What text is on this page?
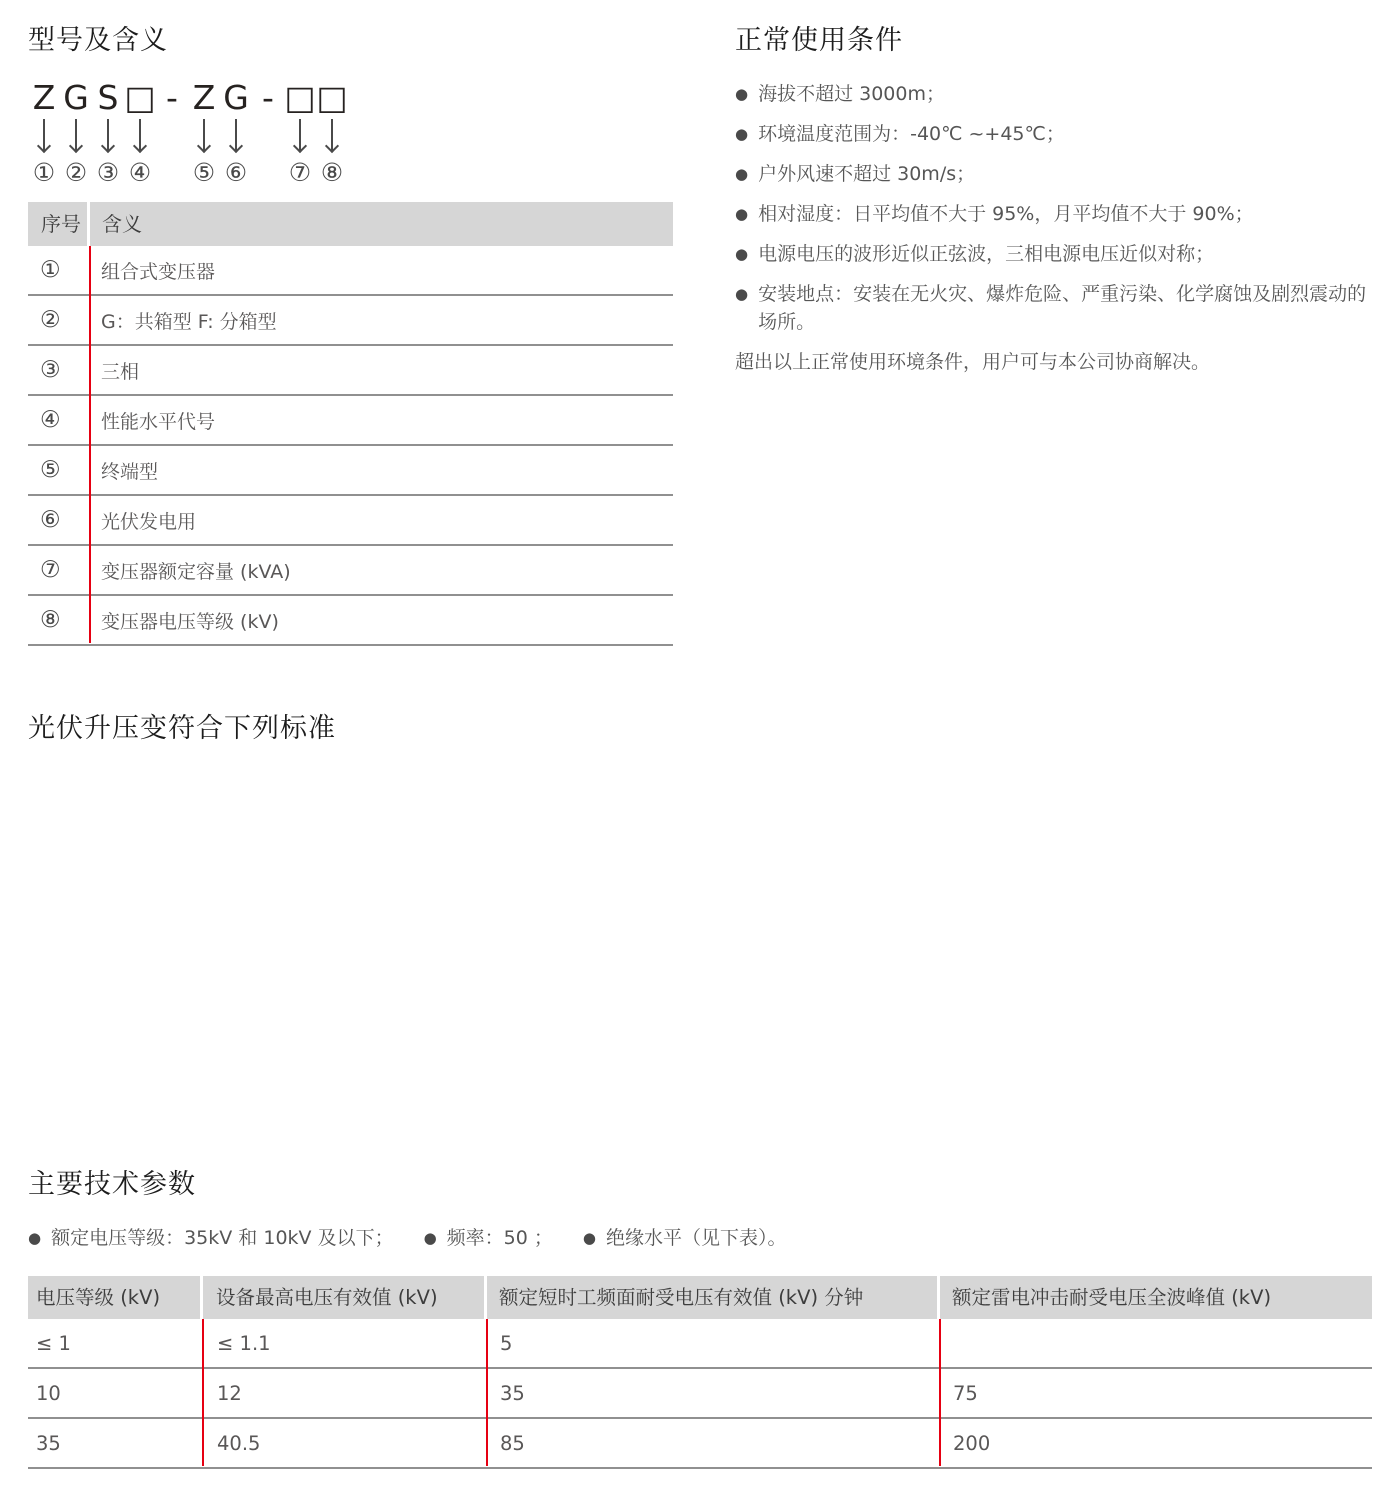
型号及含义
Z
①
G
②
S
③
□
④
- Z
⑤
G
⑥
- □
⑦
□
⑧
序号	含义
①	组合式变压器
②	G：共箱型 F: 分箱型
③	三相
④	性能水平代号
⑤	终端型
⑥	光伏发电用
⑦	变压器额定容量 (kVA)
⑧	变压器电压等级 (kV)
正常使用条件
● 海拔不超过 3000m；
● 环境温度范围为：-40℃ ~+45℃；
● 户外风速不超过 30m/s；
● 相对湿度：日平均值不大于 95%，月平均值不大于 90%；
● 电源电压的波形近似正弦波，三相电源电压近似对称；
● 安装地点：安装在无火灾、爆炸危险、严重污染、化学腐蚀及剧烈震动的场所。

超出以上正常使用环境条件，用户可与本公司协商解决。

光伏升压变符合下列标准

主要技术参数
● 额定电压等级：35kV 和 10kV 及以下； ● 频率：50 ； ● 绝缘水平（见下表）。
电压等级 (kV)	设备最高电压有效值 (kV)	额定短时工频面耐受电压有效值 (kV) 分钟	额定雷电冲击耐受电压全波峰值 (kV)
≤ 1	≤ 1.1	5
10	12	35	75
35	40.5	85	200
